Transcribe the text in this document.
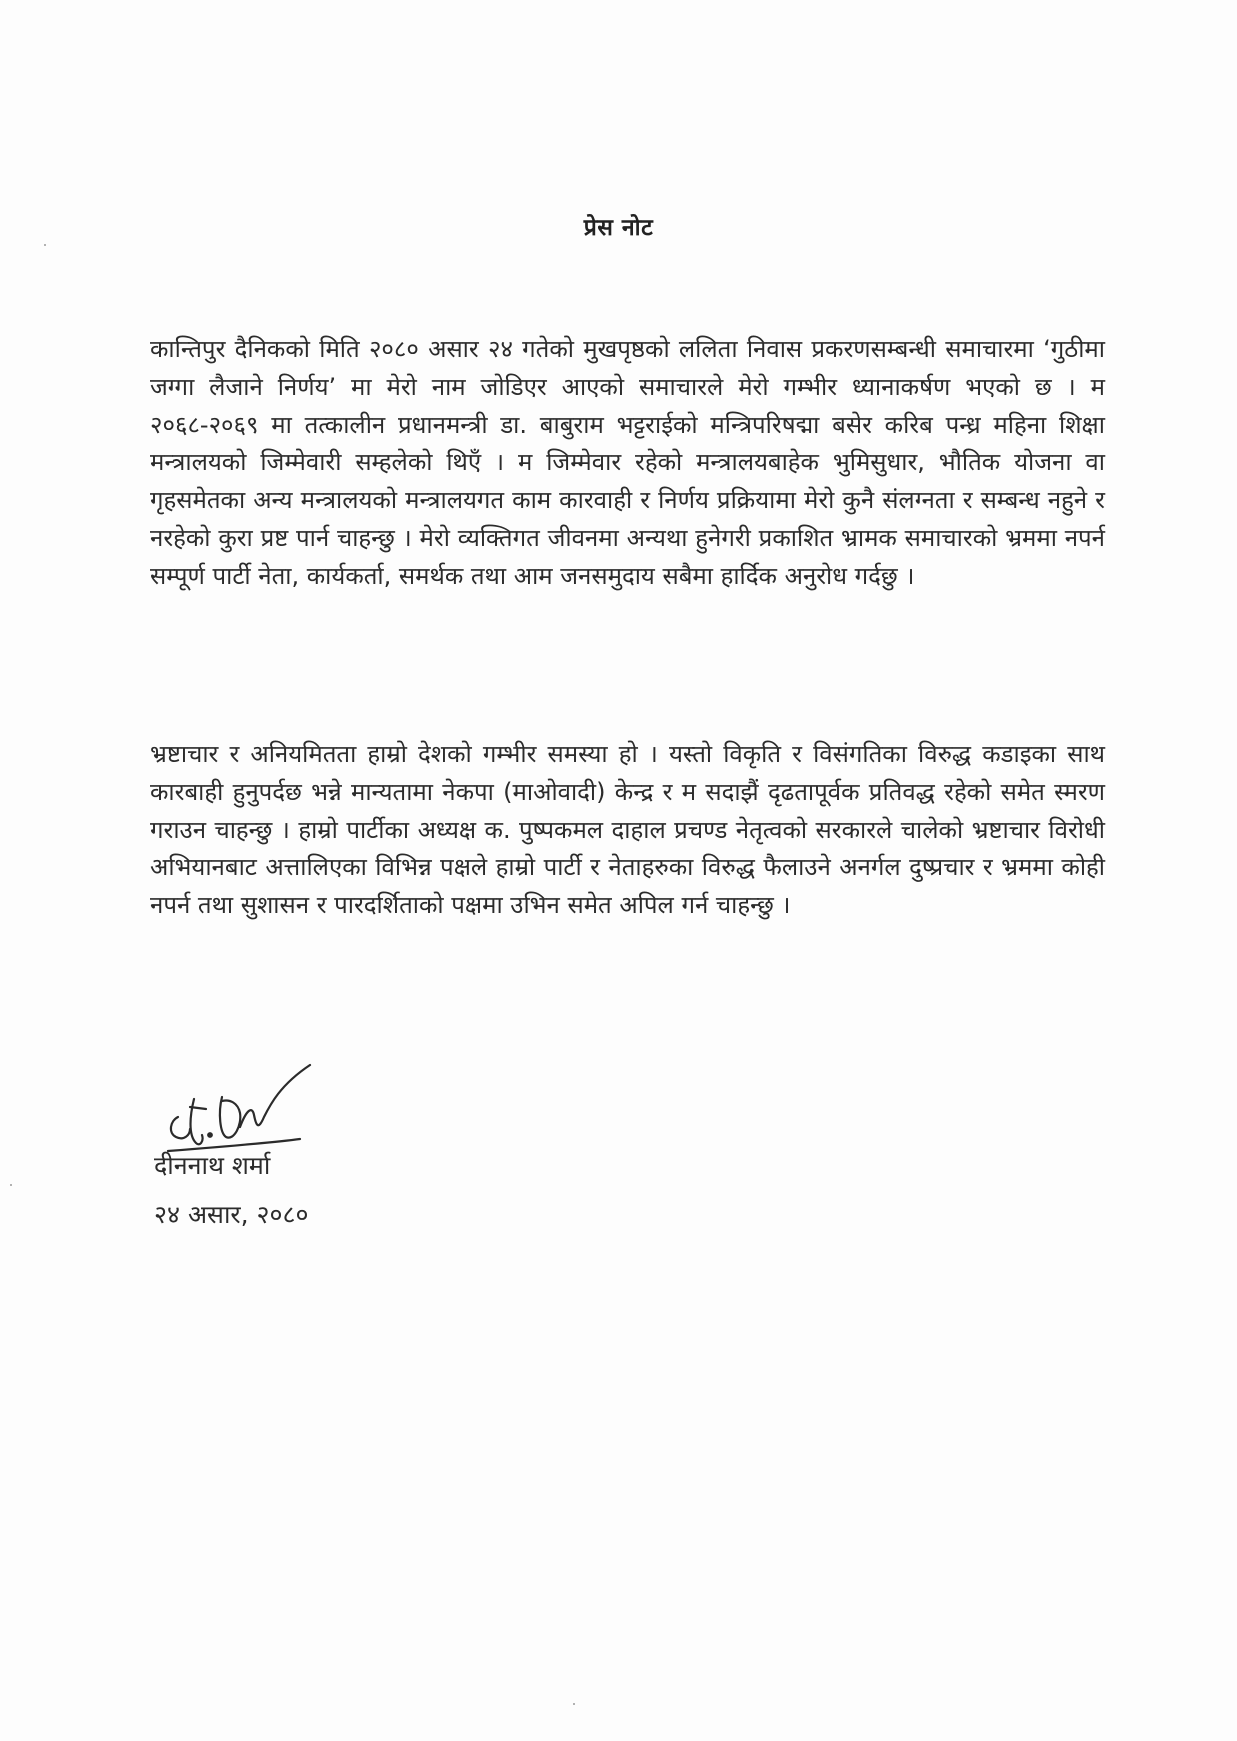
प्रेस नोट

कान्तिपुर दैनिकको मिति २०८० असार २४ गतेको मुखपृष्ठको ललिता निवास प्रकरणसम्बन्धी समाचारमा ‘गुठीमा जग्गा लैजाने निर्णय’ मा मेरो नाम जोडिएर आएको समाचारले मेरो गम्भीर ध्यानाकर्षण भएको छ । म २०६८-२०६९ मा तत्कालीन प्रधानमन्त्री डा. बाबुराम भट्टराईको मन्त्रिपरिषद्मा बसेर करिब पन्ध्र महिना शिक्षा मन्त्रालयको जिम्मेवारी सम्हलेको थिएँ । म जिम्मेवार रहेको मन्त्रालयबाहेक भुमिसुधार, भौतिक योजना वा गृहसमेतका अन्य मन्त्रालयको मन्त्रालयगत काम कारवाही र निर्णय प्रक्रियामा मेरो कुनै संलग्नता र सम्बन्ध नहुने र नरहेको कुरा प्रष्ट पार्न चाहन्छु । मेरो व्यक्तिगत जीवनमा अन्यथा हुनेगरी प्रकाशित भ्रामक समाचारको भ्रममा नपर्न सम्पूर्ण पार्टी नेता, कार्यकर्ता, समर्थक तथा आम जनसमुदाय सबैमा हार्दिक अनुरोध गर्दछु ।

भ्रष्टाचार र अनियमितता हाम्रो देशको गम्भीर समस्या हो । यस्तो विकृति र विसंगतिका विरुद्ध कडाइका साथ कारबाही हुनुपर्दछ भन्ने मान्यतामा नेकपा (माओवादी) केन्द्र र म सदाझैं दृढतापूर्वक प्रतिवद्ध रहेको समेत स्मरण गराउन चाहन्छु । हाम्रो पार्टीका अध्यक्ष क. पुष्पकमल दाहाल प्रचण्ड नेतृत्वको सरकारले चालेको भ्रष्टाचार विरोधी अभियानबाट अत्तालिएका विभिन्न पक्षले हाम्रो पार्टी र नेताहरुका विरुद्ध फैलाउने अनर्गल दुष्प्रचार र भ्रममा कोही नपर्न तथा सुशासन र पारदर्शिताको पक्षमा उभिन समेत अपिल गर्न चाहन्छु ।

दीननाथ शर्मा
२४ असार, २०८०
